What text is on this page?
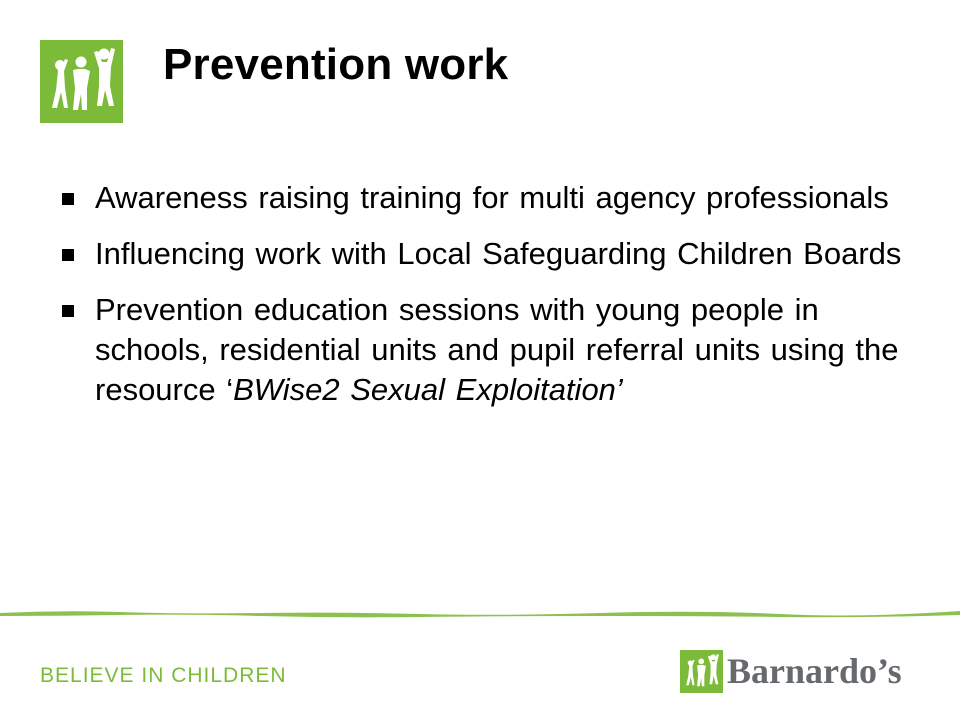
Prevention work
Awareness raising training for multi agency professionals
Influencing work with Local Safeguarding Children Boards
Prevention education sessions with young people in schools, residential units and pupil referral units using the resource ‘BWise2 Sexual Exploitation’
BELIEVE IN CHILDREN	Barnardo’s
